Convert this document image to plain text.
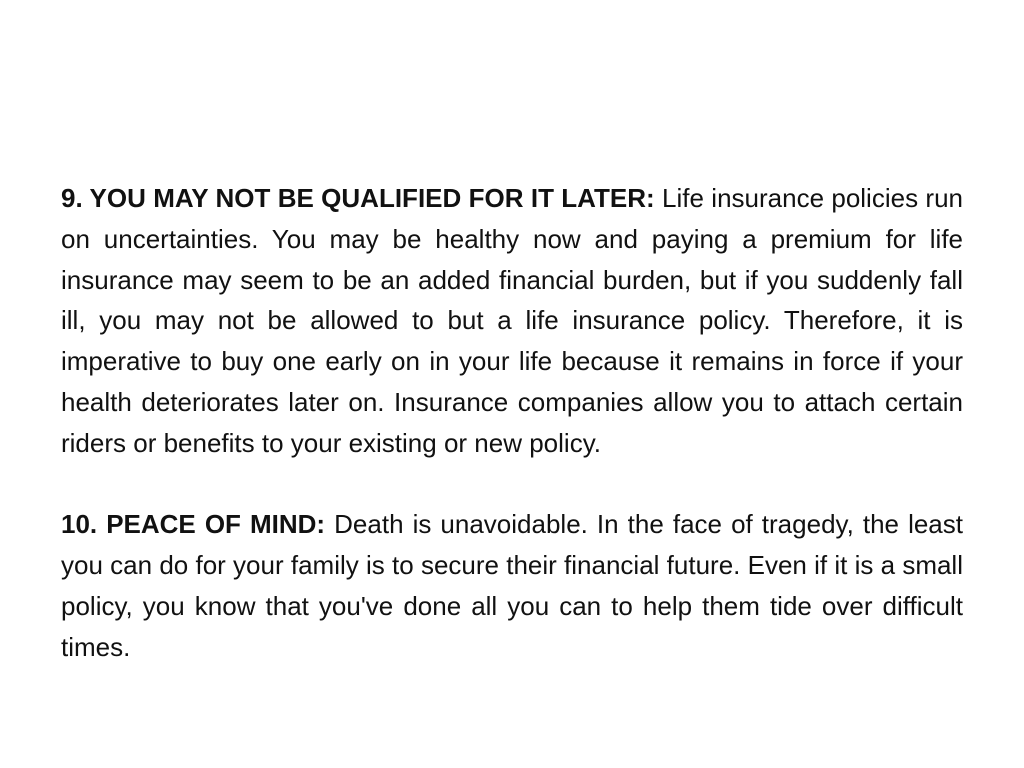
9. YOU MAY NOT BE QUALIFIED FOR IT LATER: Life insurance policies run on uncertainties. You may be healthy now and paying a premium for life insurance may seem to be an added financial burden, but if you suddenly fall ill, you may not be allowed to but a life insurance policy. Therefore, it is imperative to buy one early on in your life because it remains in force if your health deteriorates later on. Insurance companies allow you to attach certain riders or benefits to your existing or new policy.

10. PEACE OF MIND: Death is unavoidable. In the face of tragedy, the least you can do for your family is to secure their financial future. Even if it is a small policy, you know that you've done all you can to help them tide over difficult times.
